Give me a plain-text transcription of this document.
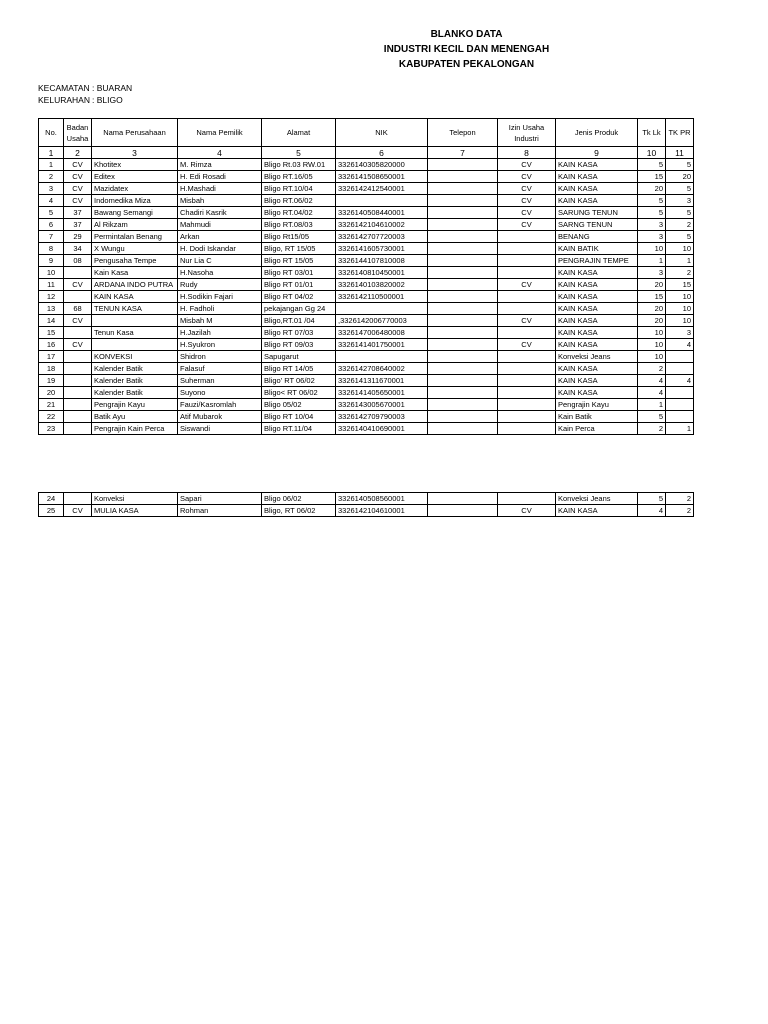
BLANKO DATA
INDUSTRI KECIL DAN MENENGAH
KABUPATEN PEKALONGAN
KECAMATAN : BUARAN
KELURAHAN : BLIGO
No.	Badan Usaha	Nama Perusahaan	Nama Pemilik	Alamat	NIK	Telepon	Izin Usaha Industri	Jenis Produk	Tk Lk	TK PR
1	2	3	4	5	6	7	8	9	10	11
1	CV	Khotitex	M. Rimza	Bligo Rt.03 RW.01	3326140305820000		CV	KAIN KASA	5	5
2	CV	Editex	H. Edi Rosadi	Bligo RT.16/05	3326141508650001		CV	KAIN KASA	15	20
3	CV	Mazidatex	H.Mashadi	Bligo RT.10/04	3326142412540001		CV	KAIN KASA	20	5
4	CV	Indomedika Miza	Misbah	Bligo RT.06/02			CV	KAIN KASA	5	3
5	37	Bawang Semangi	Chadiri Kasrik	Bligo RT.04/02	3326140508440001		CV	SARUNG TENUN	5	5
6	37	Al Rikzam	Mahmudi	Bligo RT.08/03	3326142104610002		CV	SARNG TENUN	3	2
7	29	Permintalan Benang	Arkan	Bligo Rt15/05	3326142707720003			BENANG	3	5
8	34	X Wungu	H. Dodi Iskandar	Bligo, RT 15/05	3326141605730001			KAIN BATIK	10	10
9	08	Pengusaha Tempe	Nur Lia C	Bligo RT 15/05	3326144107810008			PENGRAJIN TEMPE	1	1
10		Kain Kasa	H.Nasoha	Bligo RT 03/01	3326140810450001			KAIN KASA	3	2
11	CV	ARDANA INDO PUTRA	Rudy	Bligo RT 01/01	3326140103820002		CV	KAIN KASA	20	15
12		KAIN KASA	H.Sodikin Fajari	Bligo RT 04/02	3326142110500001			KAIN KASA	15	10
13	68	TENUN KASA	H. Fadholi	pekajangan Gg 24				KAIN KASA	20	10
14	CV		Misbah M	Bligo,RT.01 /04	,3326142006770003		CV	KAIN KASA	20	10
15		Tenun Kasa	H.Jazilah	Bligo RT 07/03	3326147006480008			KAIN KASA	10	3
16	CV		H.Syukron	Bligo RT 09/03	3326141401750001		CV	KAIN KASA	10	4
17		KONVEKSI	Shidron	Sapugarut				Konveksi Jeans	10	
18		Kalender Batik	Falasuf	Bligo RT 14/05	3326142708640002			KAIN KASA	2	
19		Kalender Batik	Suherman	Bligo' RT 06/02	3326141311670001			KAIN KASA	4	4
20		Kalender Batik	Suyono	Bligo< RT 06/02	3326141405650001			KAIN KASA	4	
21		Pengrajin Kayu	Fauzi/Kasromlah	Bligo 05/02	3326143005670001			Pengrajin Kayu	1	
22		Batik Ayu	Atif Mubarok	Bligo RT 10/04	3326142709790003			Kain Batik	5	
23		Pengrajin Kain Perca	Siswandi	Bligo RT.11/04	3326140410690001			Kain Perca	2	1
24		Konveksi	Sapari	Bligo 06/02	3326140508560001			Konveksi Jeans	5	2
25	CV	MULIA KASA	Rohman	Bligo, RT 06/02	3326142104610001		CV	KAIN KASA	4	2
